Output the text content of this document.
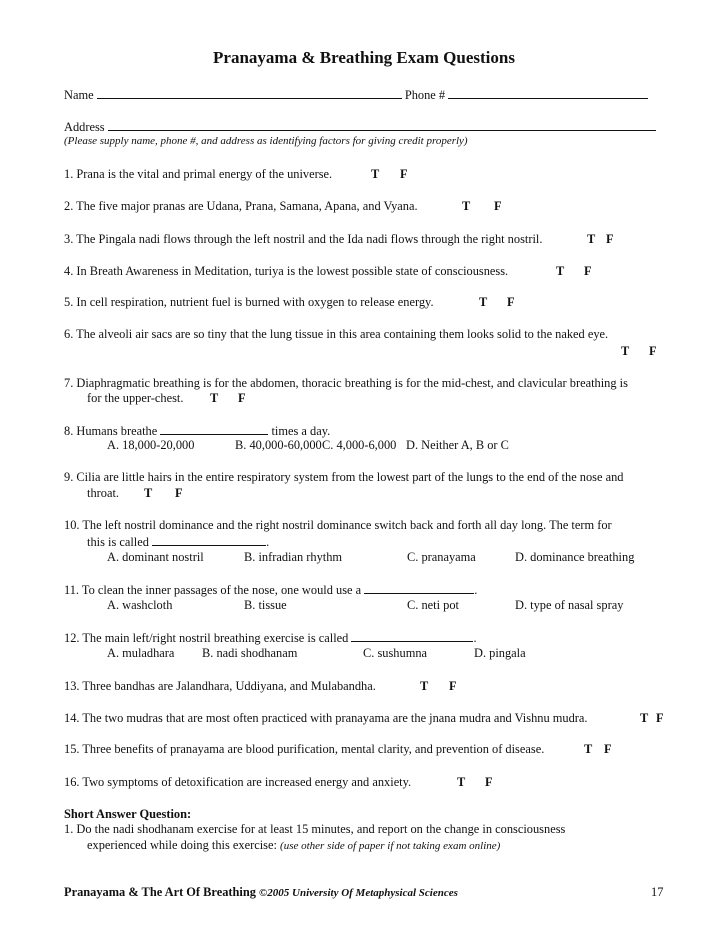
Pranayama & Breathing Exam Questions
Name	Phone #
Address
(Please supply name, phone #, and address as identifying factors for giving credit properly)
1. Prana is the vital and primal energy of the universe.	T F
2. The five major pranas are Udana, Prana, Samana, Apana, and Vyana.	T F
3. The Pingala nadi flows through the left nostril and the Ida nadi flows through the right nostril.	T F
4. In Breath Awareness in Meditation, turiya is the lowest possible state of consciousness.	T F
5. In cell respiration, nutrient fuel is burned with oxygen to release energy.	T F
6. The alveoli air sacs are so tiny that the lung tissue in this area containing them looks solid to the naked eye.
T F
7. Diaphragmatic breathing is for the abdomen, thoracic breathing is for the mid-chest, and clavicular breathing is
for the upper-chest. T F
8. Humans breathe	times a day.
A. 18,000-20,000	B. 40,000-60,000 C. 4,000-6,000 D. Neither A, B or C
9. Cilia are little hairs in the entire respiratory system from the lowest part of the lungs to the end of the nose and
throat. T F
10. The left nostril dominance and the right nostril dominance switch back and forth all day long. The term for
this is called	.
A. dominant nostril	B. infradian rhythm	C. pranayama	D. dominance breathing
11. To clean the inner passages of the nose, one would use a	.
A. washcloth	B. tissue	C. neti pot	D. type of nasal spray
12. The main left/right nostril breathing exercise is called	.
A. muladhara B. nadi shodhanam	C. sushumna	D. pingala
13. Three bandhas are Jalandhara, Uddiyana, and Mulabandha.	T F
14. The two mudras that are most often practiced with pranayama are the jnana mudra and Vishnu mudra.	T F
15. Three benefits of pranayama are blood purification, mental clarity, and prevention of disease.	T F
16. Two symptoms of detoxification are increased energy and anxiety.	T F
Short Answer Question:
1. Do the nadi shodhanam exercise for at least 15 minutes, and report on the change in consciousness
experienced while doing this exercise: (use other side of paper if not taking exam online)
Pranayama & The Art Of Breathing ©2005 University Of Metaphysical Sciences	17
